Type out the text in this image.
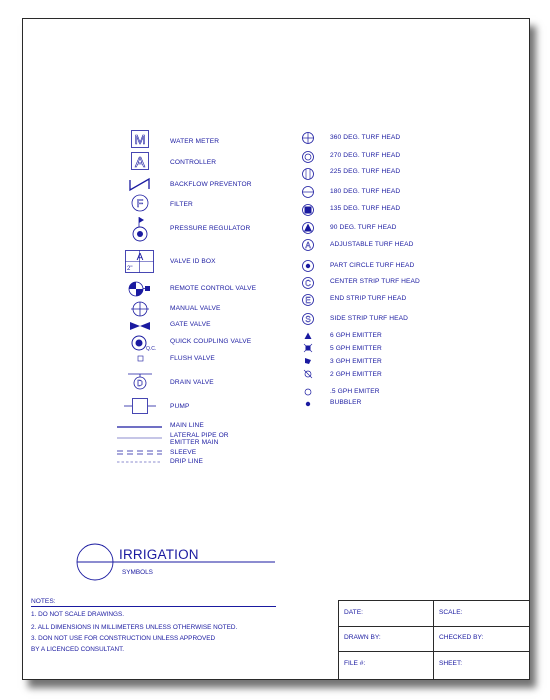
M	WATER METER
A	CONTROLLER
BACKFLOW PREVENTOR
F	FILTER
PRESSURE REGULATOR
A
2"
VALVE ID BOX
REMOTE CONTROL VALVE
MANUAL VALVE
GATE VALVE
Q.C.
QUICK COUPLING VALVE
FLUSH VALVE
D	DRAIN VALVE
PUMP
MAIN LINE
LATERAL PIPE OR
EMITTER MAIN
SLEEVE
DRIP LINE
360 DEG. TURF HEAD
270 DEG. TURF HEAD
225 DEG. TURF HEAD
180 DEG. TURF HEAD
135 DEG. TURF HEAD
90 DEG. TURF HEAD
A	ADJUSTABLE TURF HEAD
PART CIRCLE TURF HEAD
C	CENTER STRIP TURF HEAD
E	END STRIP TURF HEAD
S	SIDE STRIP TURF HEAD
6 GPH EMITTER
5 GPH EMITTER
3 GPH EMITTER
2 GPH EMITTER
.5 GPH EMITER
BUBBLER
IRRIGATION
SYMBOLS
NOTES:
1. DO NOT SCALE DRAWINGS.
2. ALL DIMENSIONS IN MILLIMETERS UNLESS OTHERWISE NOTED.
3. DON NOT USE FOR CONSTRUCTION UNLESS APPROVED
BY A LICENCED CONSULTANT.
DATE:	SCALE:
DRAWN BY:	CHECKED BY:
FILE #:	SHEET:
